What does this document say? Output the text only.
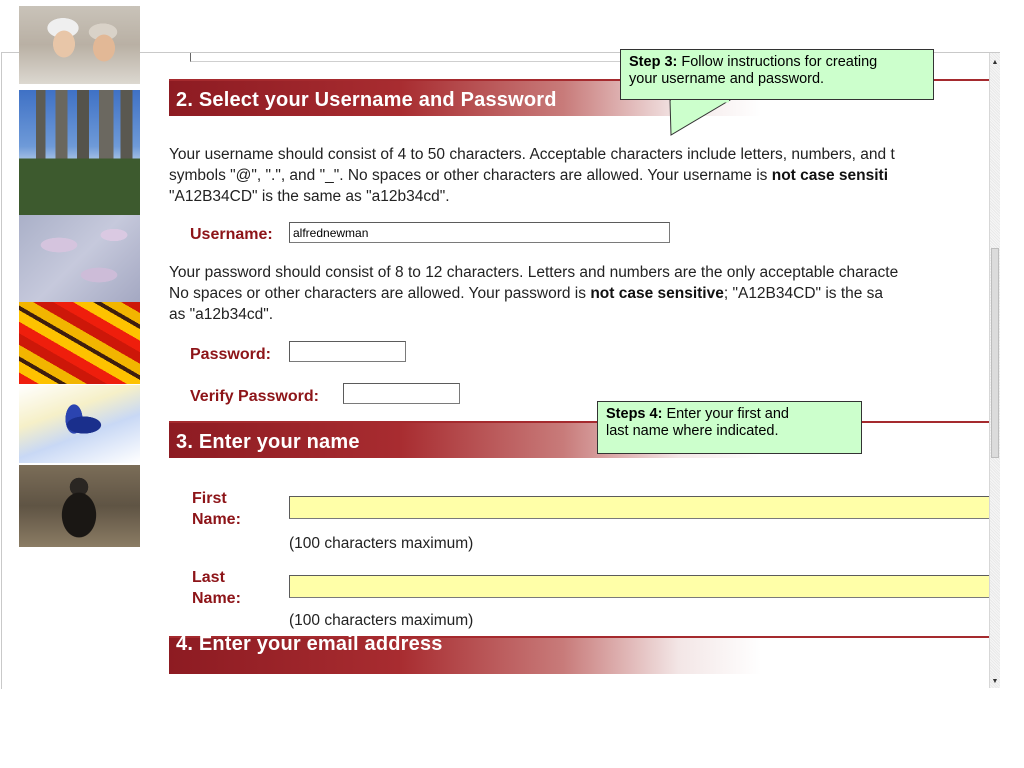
2. Select your Username and Password
Your username should consist of 4 to 50 characters. Acceptable characters include letters, numbers, and t
symbols "@", ".", and "_". No spaces or other characters are allowed. Your username is not case sensiti
"A12B34CD" is the same as "a12b34cd".
Username:
alfrednewman
Your password should consist of 8 to 12 characters. Letters and numbers are the only acceptable characte
No spaces or other characters are allowed. Your password is not case sensitive; "A12B34CD" is the sa
as "a12b34cd".
Password:
Verify Password:
3. Enter your name
First
Name:
(100 characters maximum)
Last
Name:
(100 characters maximum)
4. Enter your email address
▲
▼
Step 3: Follow instructions for creating
your username and password.
Steps 4: Enter your first and
last name where indicated.
